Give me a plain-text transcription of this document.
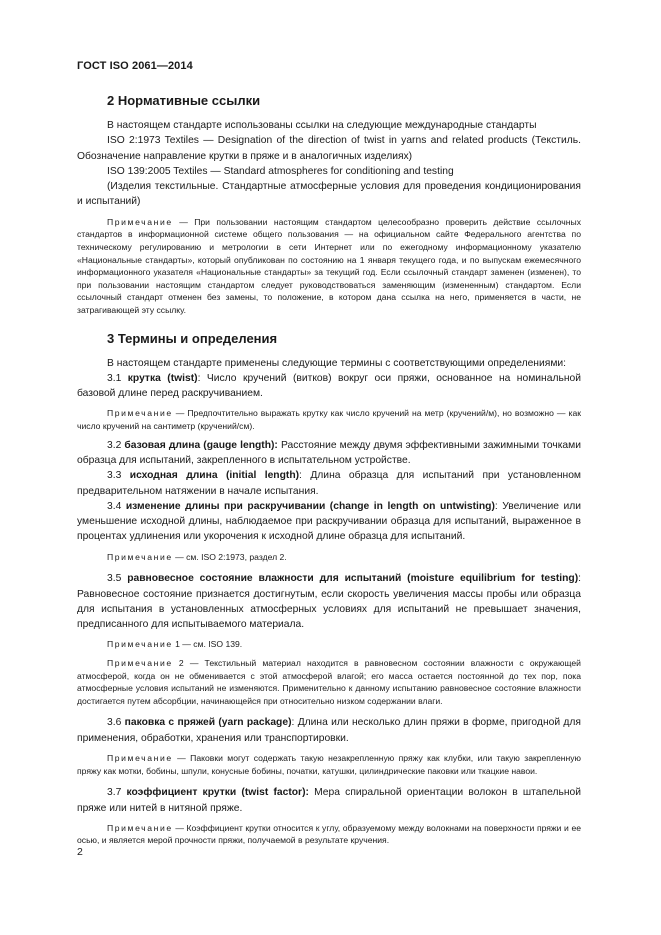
ГОСТ ISO 2061—2014
2 Нормативные ссылки

В настоящем стандарте использованы ссылки на следующие международные стандарты

ISO 2:1973 Textiles — Designation of the direction of twist in yarns and related products (Текстиль. Обозначение направление крутки в пряже и в аналогичных изделиях)

ISO 139:2005 Textiles — Standard atmospheres for conditioning and testing

(Изделия текстильные. Стандартные атмосферные условия для проведения кондиционирования и испытаний)

Примечание — При пользовании настоящим стандартом целесообразно проверить действие ссылочных стандартов в информационной системе общего пользования — на официальном сайте Федерального агентства по техническому регулированию и метрологии в сети Интернет или по ежегодному информационному указателю «Национальные стандарты», который опубликован по состоянию на 1 января текущего года, и по выпускам ежемесячного информационного указателя «Национальные стандарты» за текущий год. Если ссылочный стандарт заменен (изменен), то при пользовании настоящим стандартом следует руководствоваться заменяющим (измененным) стандартом. Если ссылочный стандарт отменен без замены, то положение, в котором дана ссылка на него, применяется в части, не затрагивающей эту ссылку.

3 Термины и определения

В настоящем стандарте применены следующие термины с соответствующими определениями:

3.1 крутка (twist): Число кручений (витков) вокруг оси пряжи, основанное на номинальной базовой длине перед раскручиванием.

Примечание — Предпочтительно выражать крутку как число кручений на метр (кручений/м), но возможно — как число кручений на сантиметр (кручений/см).

3.2 базовая длина (gauge length): Расстояние между двумя эффективными зажимными точками образца для испытаний, закрепленного в испытательном устройстве.

3.3 исходная длина (initial length): Длина образца для испытаний при установленном предварительном натяжении в начале испытания.

3.4 изменение длины при раскручивании (change in length on untwisting): Увеличение или уменьшение исходной длины, наблюдаемое при раскручивании образца для испытаний, выраженное в процентах удлинения или укорочения к исходной длине образца для испытаний.

Примечание — см. ISO 2:1973, раздел 2.

3.5 равновесное состояние влажности для испытаний (moisture equilibrium for testing): Равновесное состояние признается достигнутым, если скорость увеличения массы пробы или образца для испытания в установленных атмосферных условиях для испытаний не превышает значения, предписанного для испытываемого материала.

Примечание 1 — см. ISO 139.

Примечание 2 — Текстильный материал находится в равновесном состоянии влажности с окружающей атмосферой, когда он не обменивается с этой атмосферой влагой; его масса остается постоянной до тех пор, пока атмосферные условия испытаний не изменяются. Применительно к данному испытанию равновесное состояние влажности достигается путем абсорбции, начинающейся при относительно низком содержании влаги.

3.6 паковка с пряжей (yarn package): Длина или несколько длин пряжи в форме, пригодной для применения, обработки, хранения или транспортировки.

Примечание — Паковки могут содержать такую незакрепленную пряжу как клубки, или такую закрепленную пряжу как мотки, бобины, шпули, конусные бобины, початки, катушки, цилиндрические паковки или ткацкие навои.

3.7 коэффициент крутки (twist factor): Мера спиральной ориентации волокон в штапельной пряже или нитей в нитяной пряже.

Примечание — Коэффициент крутки относится к углу, образуемому между волокнами на поверхности пряжи и ее осью, и является мерой прочности пряжи, получаемой в результате кручения.

2
